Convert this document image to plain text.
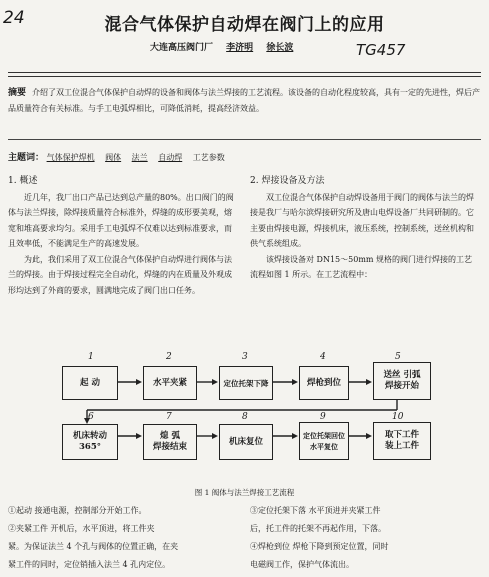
24	混合气体保护自动焊在阀门上的应用
大连高压阀门厂 李济明 徐长波	TG457
摘要 介绍了双工位混合气体保护自动焊的设备和阀体与法兰焊接的工艺流程。该设备的自动化程度较高，具有一定的先进性，焊后产品质量符合有关标准。与手工电弧焊相比，可降低消耗，提高经济效益。
主题词： 气体保护焊机 阀体 法兰 自动焊 工艺参数

1. 概述

近几年，我厂出口产品已达到总产量的80%。出口阀门的阀体与法兰焊接，除焊接质量符合标准外，焊缝的成形要美观，熔宽和堆高要求均匀。采用手工电弧焊不仅难以达到标准要求，而且效率低，不能满足生产的高速发展。

为此，我们采用了双工位混合气体保护自动焊进行阀体与法兰的焊接。由于焊接过程完全自动化，焊缝的内在质量及外观成形均达到了外商的要求，圆满地完成了阀门出口任务。

2. 焊接设备及方法

双工位混合气体保护自动焊设备用于阀门的阀体与法兰的焊接是我厂与哈尔滨焊接研究所及唐山电焊设备厂共同研制的。它主要由焊接电源，焊接机床，液压系统，控制系统，送丝机构和供气系统组成。

该焊接设备对 DN15～50mm 规格的阀门进行焊接的工艺流程如图 1 所示。在工艺流程中：

1	2	3	4	5
起 动	水平夹紧	定位托架下降	焊枪到位
送丝 引弧
焊接开始
6	7	8	9	10
机床转动
365°
熄 弧
焊接结束
机床复位
定位托架回位
水平复位
取下工件
装上工件
图 1 阀体与法兰焊接工艺流程
①起动 接通电源，控制部分开始工作。
②夹紧工件 开机后，水平顶进，将工件夹
紧。为保证法兰 4 个孔与阀体的位置正确，在夹
紧工件的同时，定位销插入法兰 4 孔内定位。
③定位托架下落 水平顶进并夹紧工件
后，托工件的托架不再起作用，下落。
④焊枪到位 焊枪下降到预定位置，同时
电磁阀工作，保护气体流出。
